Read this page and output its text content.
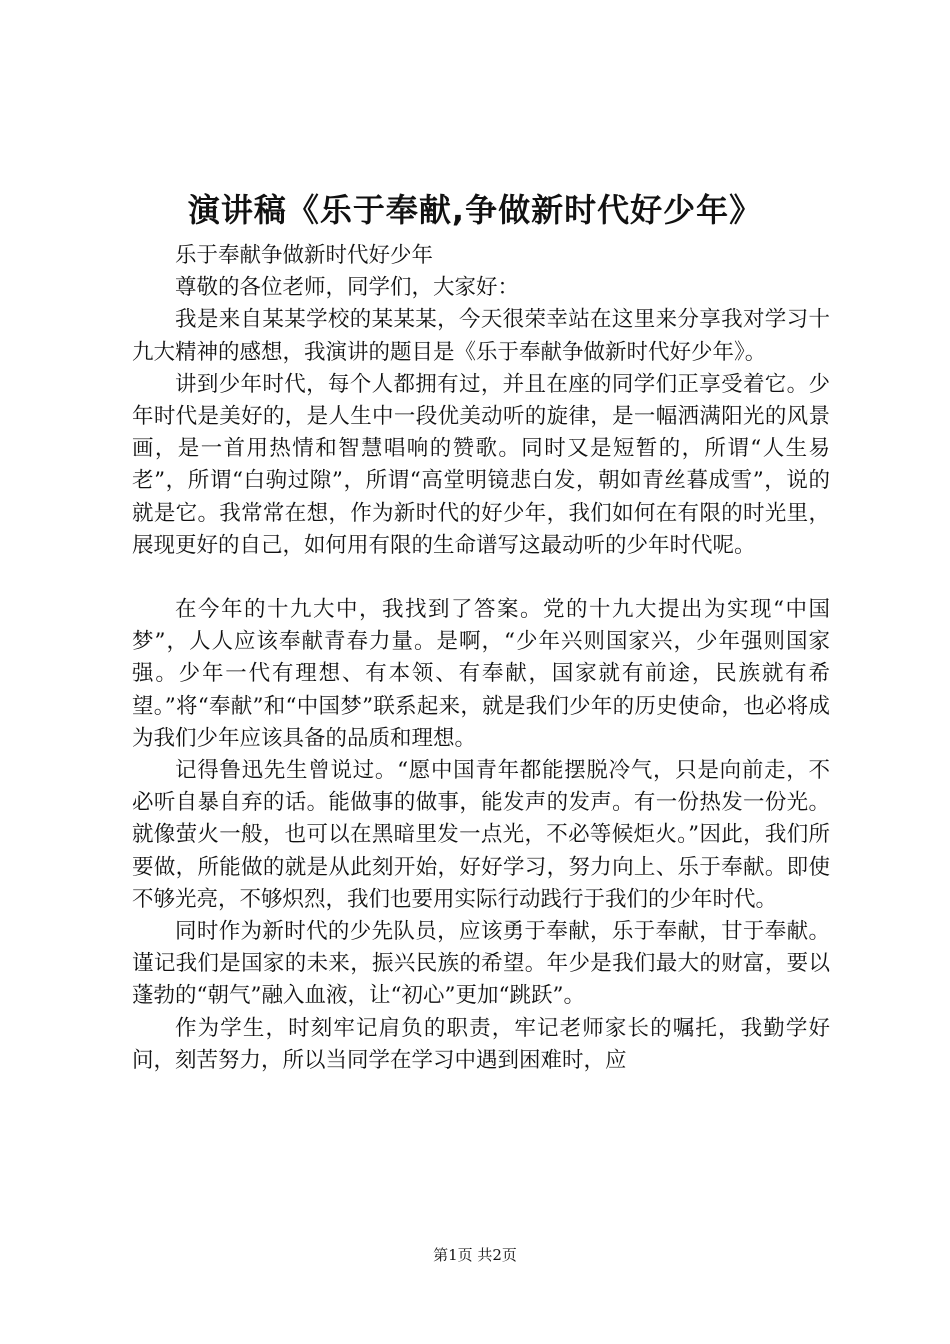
演讲稿《乐于奉献,争做新时代好少年》

乐于奉献争做新时代好少年

尊敬的各位老师，同学们，大家好：

我是来自某某学校的某某某，今天很荣幸站在这里来分享我对学习十九大精神的感想，我演讲的题目是《乐于奉献争做新时代好少年》。

讲到少年时代，每个人都拥有过，并且在座的同学们正享受着它。少年时代是美好的，是人生中一段优美动听的旋律，是一幅洒满阳光的风景画，是一首用热情和智慧唱响的赞歌。同时又是短暂的，所谓“人生易老”，所谓“白驹过隙”，所谓“高堂明镜悲白发，朝如青丝暮成雪”，说的就是它。我常常在想，作为新时代的好少年，我们如何在有限的时光里，展现更好的自己，如何用有限的生命谱写这最动听的少年时代呢。

在今年的十九大中，我找到了答案。党的十九大提出为实现“中国梦”，人人应该奉献青春力量。是啊，“少年兴则国家兴，少年强则国家强。少年一代有理想、有本领、有奉献，国家就有前途，民族就有希望。”将“奉献”和“中国梦”联系起来，就是我们少年的历史使命，也必将成为我们少年应该具备的品质和理想。

记得鲁迅先生曾说过。“愿中国青年都能摆脱冷气，只是向前走，不必听自暴自弃的话。能做事的做事，能发声的发声。有一份热发一份光。就像萤火一般，也可以在黑暗里发一点光，不必等候炬火。”因此，我们所要做，所能做的就是从此刻开始，好好学习，努力向上、乐于奉献。即使不够光亮，不够炽烈，我们也要用实际行动践行于我们的少年时代。

同时作为新时代的少先队员，应该勇于奉献，乐于奉献，甘于奉献。谨记我们是国家的未来，振兴民族的希望。年少是我们最大的财富，要以蓬勃的“朝气”融入血液，让“初心”更加“跳跃”。

作为学生，时刻牢记肩负的职责，牢记老师家长的嘱托，我勤学好问，刻苦努力，所以当同学在学习中遇到困难时，应

第1页 共2页
